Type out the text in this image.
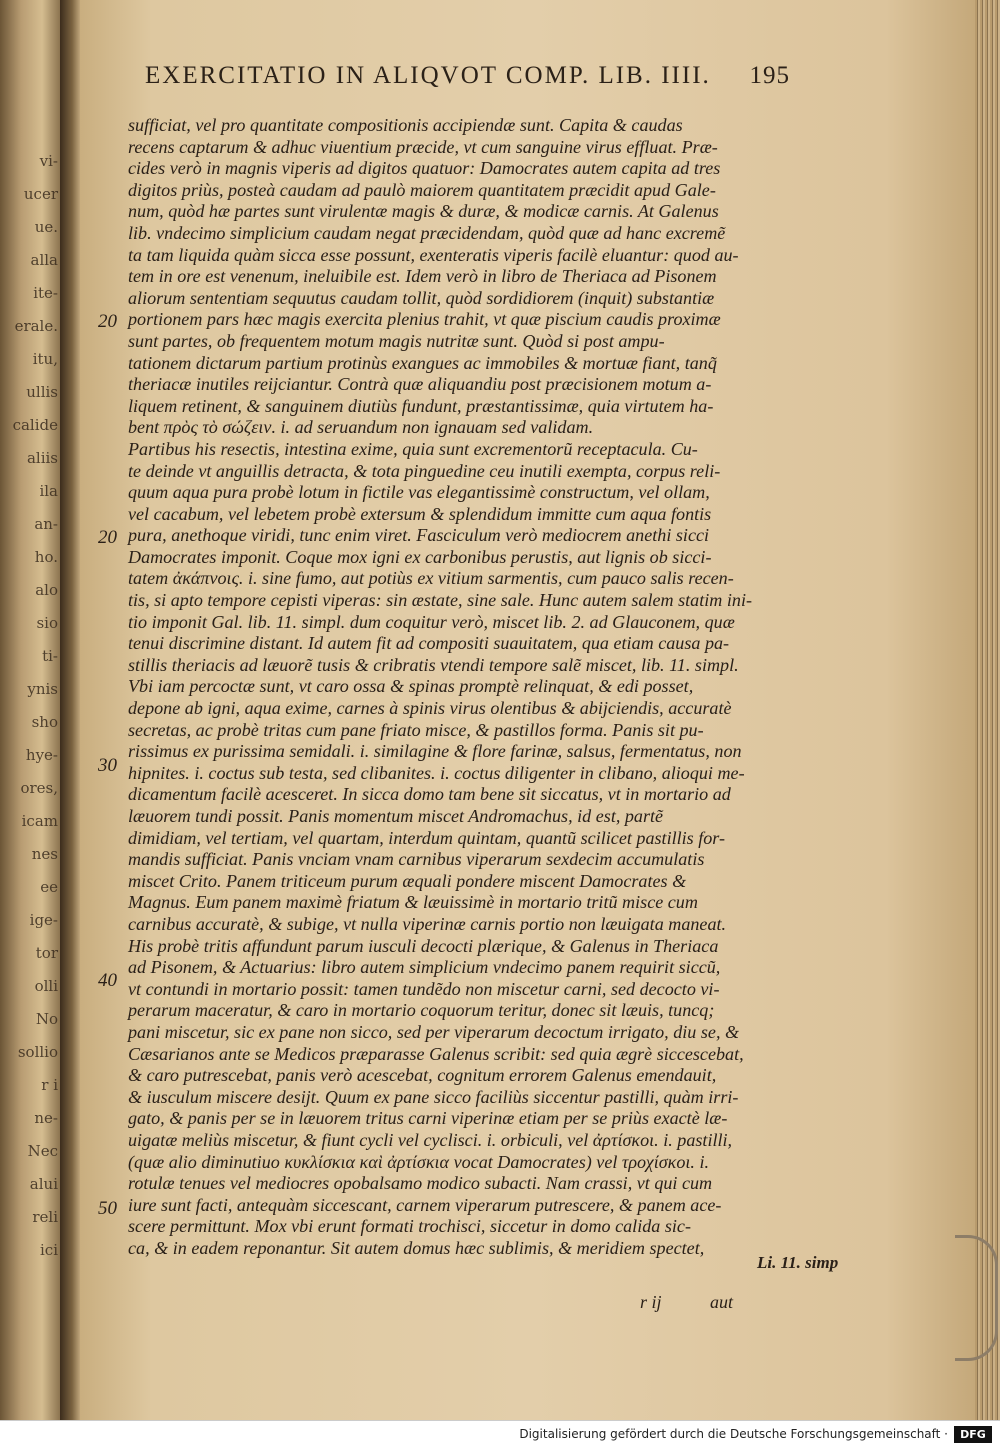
vi-
ucer
ue.
alla
ite-
erale.
itu,
ullis
calide
aliis
ila
an-
ho.
alo
sio
ti-
ynis
sho
hye-
ores,
icam
nes
ee
ige-
tor
olli
No
sollio
r i
ne-
Nec
alui
reli
ici
EXERCITATIO IN ALIQVOT COMP. LIB. IIII. 195
sufficiat, vel pro quantitate compositionis accipiendæ sunt. Capita & caudas
recens captarum & adhuc viuentium præcide, vt cum sanguine virus effluat. Præ-
cides verò in magnis viperis ad digitos quatuor: Damocrates autem capita ad tres
digitos priùs, posteà caudam ad paulò maiorem quantitatem præcidit apud Gale-
num, quòd hæ partes sunt virulentæ magis & duræ, & modicæ carnis. At Galenus
lib. vndecimo simplicium caudam negat præcidendam, quòd quæ ad hanc excremẽ
ta tam liquida quàm sicca esse possunt, exenteratis viperis facilè eluantur: quod au-
tem in ore est venenum, ineluibile est. Idem verò in libro de Theriaca ad Pisonem
aliorum sententiam sequutus caudam tollit, quòd sordidiorem (inquit) substantiæ
portionem pars hæc magis exercita plenius trahit, vt quæ piscium caudis proximæ
sunt partes, ob frequentem motum magis nutritæ sunt. Quòd si post ampu-
tationem dictarum partium protinùs exangues ac immobiles & mortuæ fiant, tanq̃
theriacæ inutiles reijciantur. Contrà quæ aliquandiu post præcisionem motum a-
liquem retinent, & sanguinem diutiùs fundunt, præstantissimæ, quia virtutem ha-
bent πρὸς τὸ σώζειν. i. ad seruandum non ignauam sed validam.
Partibus his resectis, intestina exime, quia sunt excrementorũ receptacula. Cu-
te deinde vt anguillis detracta, & tota pinguedine ceu inutili exempta, corpus reli-
quum aqua pura probè lotum in fictile vas elegantissimè constructum, vel ollam,
vel cacabum, vel lebetem probè extersum & splendidum immitte cum aqua fontis
pura, anethoque viridi, tunc enim viret. Fasciculum verò mediocrem anethi sicci
Damocrates imponit. Coque mox igni ex carbonibus perustis, aut lignis ob sicci-
tatem ἀκάπνοις. i. sine fumo, aut potiùs ex vitium sarmentis, cum pauco salis recen-
tis, si apto tempore cepisti viperas: sin æstate, sine sale. Hunc autem salem statim ini-
tio imponit Gal. lib. 11. simpl. dum coquitur verò, miscet lib. 2. ad Glauconem, quæ
tenui discrimine distant. Id autem fit ad compositi suauitatem, qua etiam causa pa-
stillis theriacis ad læuorẽ tusis & cribratis vtendi tempore salẽ miscet, lib. 11. simpl.
Vbi iam percoctæ sunt, vt caro ossa & spinas promptè relinquat, & edi posset,
depone ab igni, aqua exime, carnes à spinis virus olentibus & abijciendis, accuratè
secretas, ac probè tritas cum pane friato misce, & pastillos forma. Panis sit pu-
rissimus ex purissima semidali. i. similagine & flore farinæ, salsus, fermentatus, non
hipnites. i. coctus sub testa, sed clibanites. i. coctus diligenter in clibano, alioqui me-
dicamentum facilè acesceret. In sicca domo tam bene sit siccatus, vt in mortario ad
læuorem tundi possit. Panis momentum miscet Andromachus, id est, partẽ
dimidiam, vel tertiam, vel quartam, interdum quintam, quantũ scilicet pastillis for-
mandis sufficiat. Panis vnciam vnam carnibus viperarum sexdecim accumulatis
miscet Crito. Panem triticeum purum æquali pondere miscent Damocrates &
Magnus. Eum panem maximè friatum & læuissimè in mortario tritũ misce cum
carnibus accuratè, & subige, vt nulla viperinæ carnis portio non læuigata maneat.
His probè tritis affundunt parum iusculi decocti plærique, & Galenus in Theriaca
ad Pisonem, & Actuarius: libro autem simplicium vndecimo panem requirit siccũ,
vt contundi in mortario possit: tamen tundẽdo non miscetur carni, sed decocto vi-
perarum maceratur, & caro in mortario coquorum teritur, donec sit læuis, tuncq;
pani miscetur, sic ex pane non sicco, sed per viperarum decoctum irrigato, diu se, &
Cæsarianos ante se Medicos præparasse Galenus scribit: sed quia ægrè siccescebat,
& caro putrescebat, panis verò acescebat, cognitum errorem Galenus emendauit,
& iusculum miscere desijt. Quum ex pane sicco faciliùs siccentur pastilli, quàm irri-
gato, & panis per se in læuorem tritus carni viperinæ etiam per se priùs exactè læ-
uigatæ meliùs miscetur, & fiunt cycli vel cyclisci. i. orbiculi, vel ἀρτίσκοι. i. pastilli,
(quæ alio diminutiuo κυκλίσκια καὶ ἀρτίσκια vocat Damocrates) vel τροχίσκοι. i.
rotulæ tenues vel mediocres opobalsamo modico subacti. Nam crassi, vt qui cum
iure sunt facti, antequàm siccescant, carnem viperarum putrescere, & panem ace-
scere permittunt. Mox vbi erunt formati trochisci, siccetur in domo calida sic-
ca, & in eadem reponantur. Sit autem domus hæc sublimis, & meridiem spectet,
20
20
30
40
50
Li. 11. simp
r ij	aut
Digitalisierung gefördert durch die Deutsche Forschungsgemeinschaft ·	DFG
